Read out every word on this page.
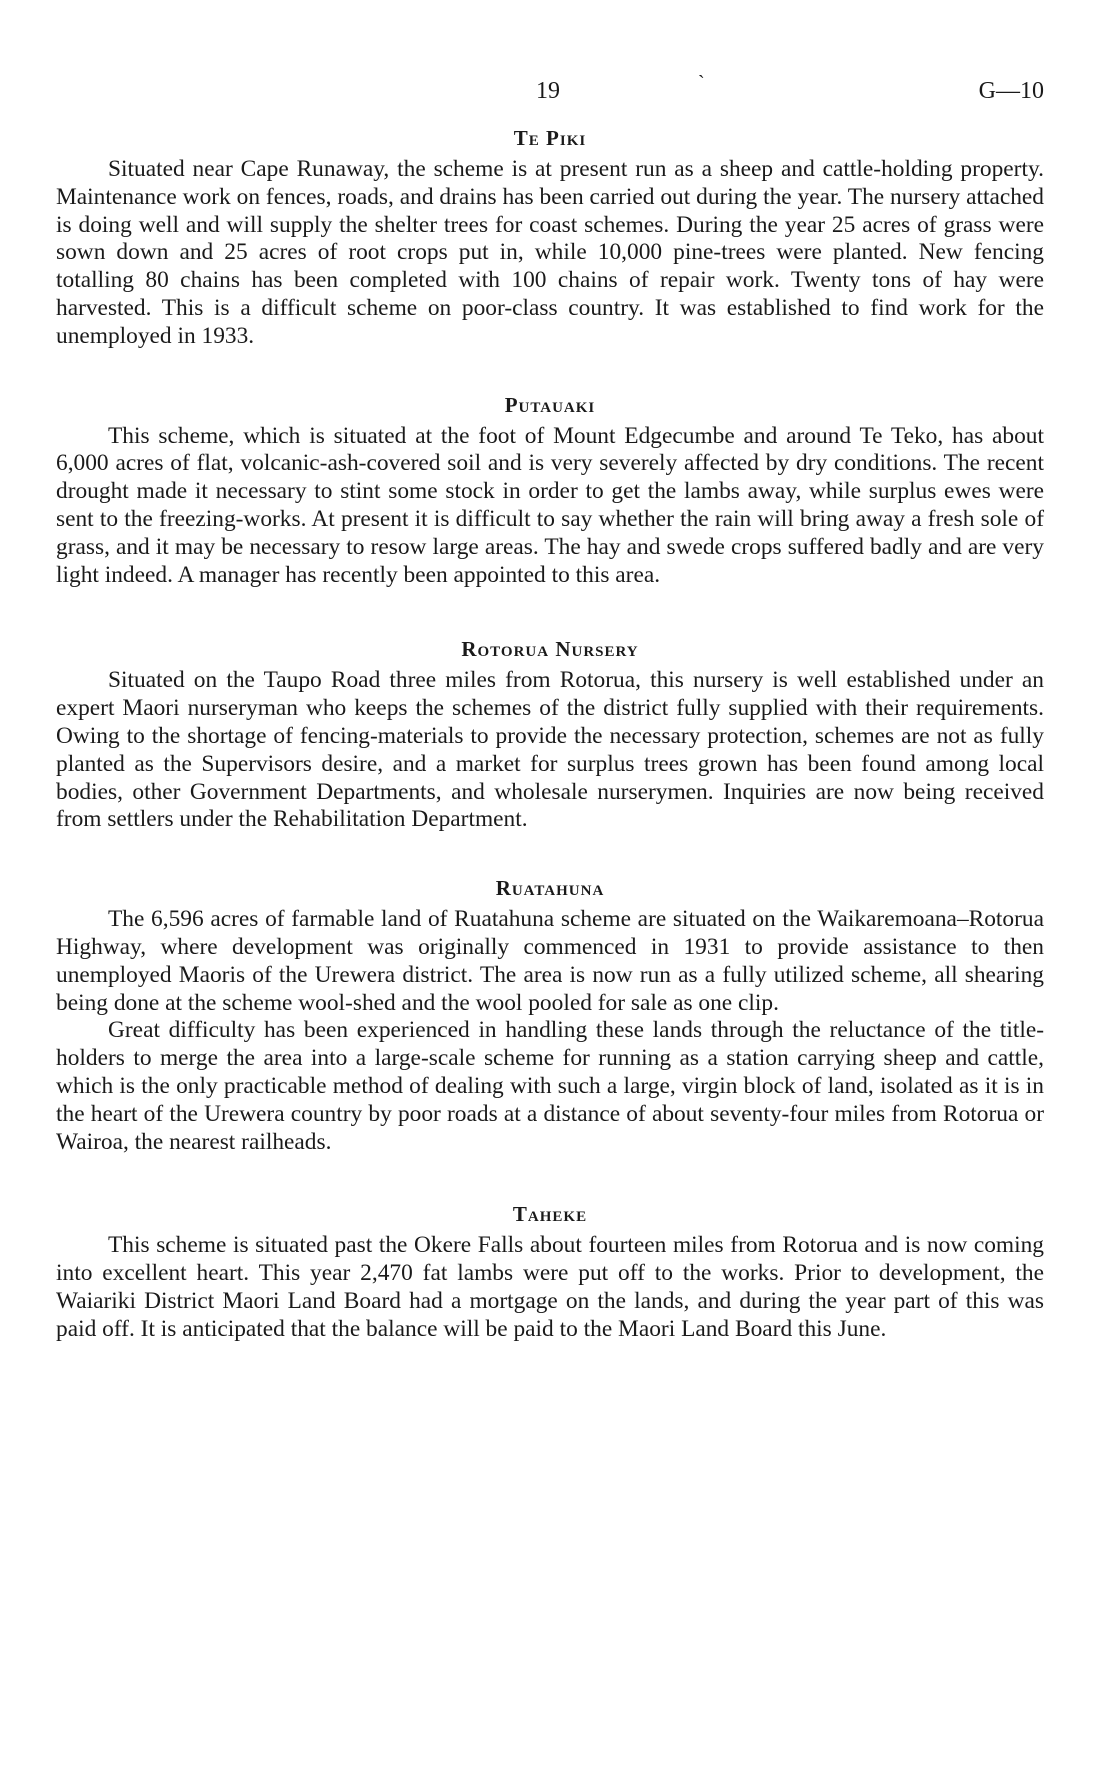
19	`	G—10
Te Piki

Situated near Cape Runaway, the scheme is at present run as a sheep and cattle-holding property. Maintenance work on fences, roads, and drains has been carried out during the year. The nursery attached is doing well and will supply the shelter trees for coast schemes. During the year 25 acres of grass were sown down and 25 acres of root crops put in, while 10,000 pine-trees were planted. New fencing totalling 80 chains has been completed with 100 chains of repair work. Twenty tons of hay were harvested. This is a difficult scheme on poor-class country. It was established to find work for the unemployed in 1933.

Putauaki

This scheme, which is situated at the foot of Mount Edgecumbe and around Te Teko, has about 6,000 acres of flat, volcanic-ash-covered soil and is very severely affected by dry conditions. The recent drought made it necessary to stint some stock in order to get the lambs away, while surplus ewes were sent to the freezing-works. At present it is difficult to say whether the rain will bring away a fresh sole of grass, and it may be necessary to resow large areas. The hay and swede crops suffered badly and are very light indeed. A manager has recently been appointed to this area.

Rotorua Nursery

Situated on the Taupo Road three miles from Rotorua, this nursery is well established under an expert Maori nurseryman who keeps the schemes of the district fully supplied with their requirements. Owing to the shortage of fencing-materials to provide the necessary protection, schemes are not as fully planted as the Supervisors desire, and a market for surplus trees grown has been found among local bodies, other Government Departments, and wholesale nurserymen. Inquiries are now being received from settlers under the Rehabilitation Department.

Ruatahuna

The 6,596 acres of farmable land of Ruatahuna scheme are situated on the Waikaremoana–Rotorua Highway, where development was originally commenced in 1931 to provide assistance to then unemployed Maoris of the Urewera district. The area is now run as a fully utilized scheme, all shearing being done at the scheme wool-shed and the wool pooled for sale as one clip.

Great difficulty has been experienced in handling these lands through the reluctance of the title-holders to merge the area into a large-scale scheme for running as a station carrying sheep and cattle, which is the only practicable method of dealing with such a large, virgin block of land, isolated as it is in the heart of the Urewera country by poor roads at a distance of about seventy-four miles from Rotorua or Wairoa, the nearest railheads.

Taheke

This scheme is situated past the Okere Falls about fourteen miles from Rotorua and is now coming into excellent heart. This year 2,470 fat lambs were put off to the works. Prior to development, the Waiariki District Maori Land Board had a mortgage on the lands, and during the year part of this was paid off. It is anticipated that the balance will be paid to the Maori Land Board this June.
